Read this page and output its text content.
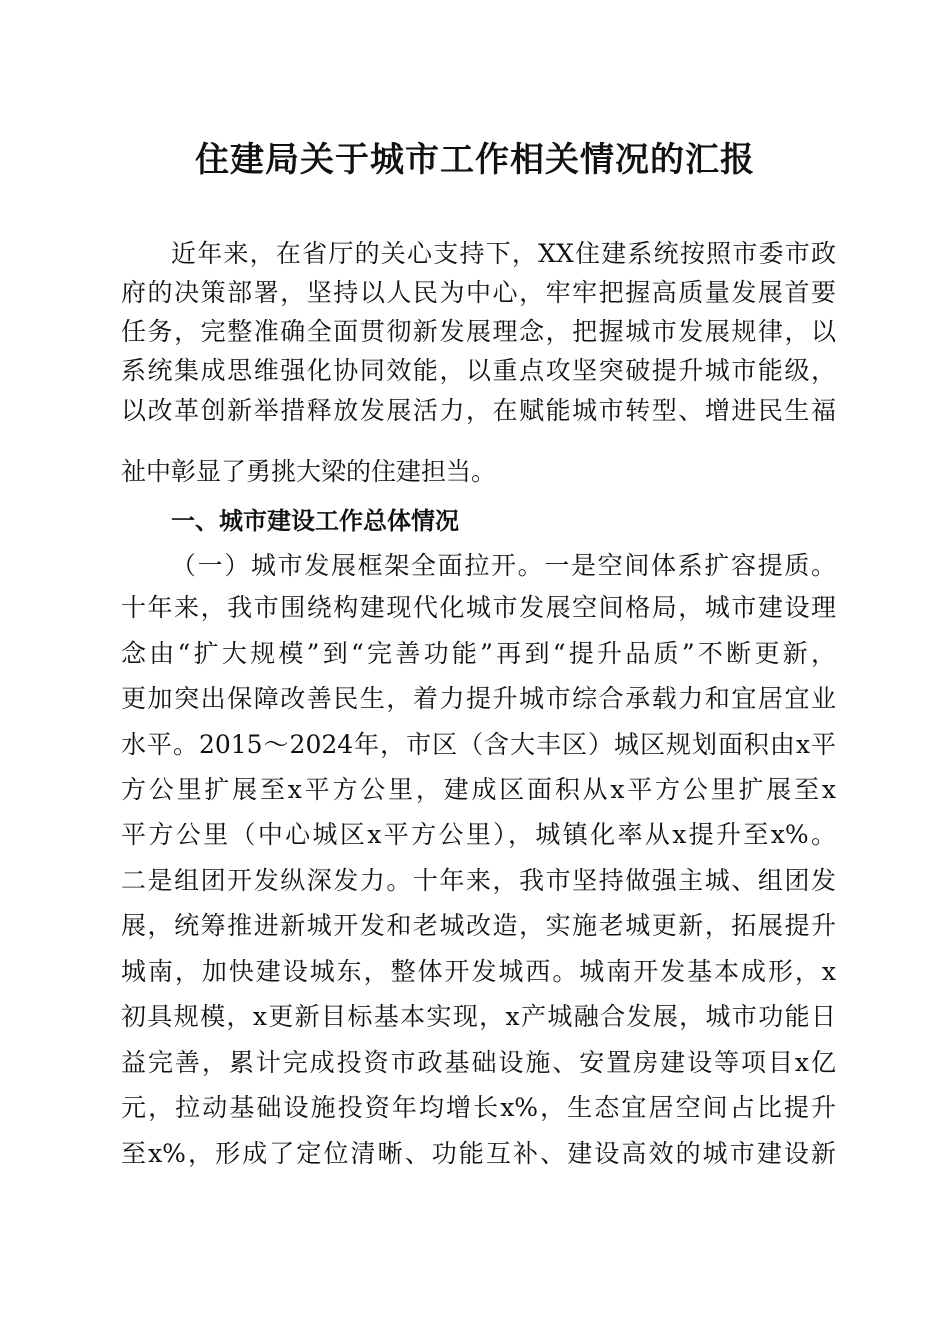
住建局关于城市工作相关情况的汇报
近年来，在省厅的关心支持下，XX住建系统按照市委市政
府的决策部署，坚持以人民为中心，牢牢把握高质量发展首要
任务，完整准确全面贯彻新发展理念，把握城市发展规律，以
系统集成思维强化协同效能，以重点攻坚突破提升城市能级，
以改革创新举措释放发展活力，在赋能城市转型、增进民生福
祉中彰显了勇挑大梁的住建担当。
一、城市建设工作总体情况
（一）城市发展框架全面拉开。一是空间体系扩容提质。
十年来，我市围绕构建现代化城市发展空间格局，城市建设理
念由“扩大规模”到“完善功能”再到“提升品质”不断更新，
更加突出保障改善民生，着力提升城市综合承载力和宜居宜业
水平。2015～2024年，市区（含大丰区）城区规划面积由x平
方公里扩展至x平方公里，建成区面积从x平方公里扩展至x
平方公里（中心城区x平方公里），城镇化率从x提升至x%。
二是组团开发纵深发力。十年来，我市坚持做强主城、组团发
展，统筹推进新城开发和老城改造，实施老城更新，拓展提升
城南，加快建设城东，整体开发城西。城南开发基本成形，x
初具规模，x更新目标基本实现，x产城融合发展，城市功能日
益完善，累计完成投资市政基础设施、安置房建设等项目x亿
元，拉动基础设施投资年均增长x%，生态宜居空间占比提升
至x%，形成了定位清晰、功能互补、建设高效的城市建设新
